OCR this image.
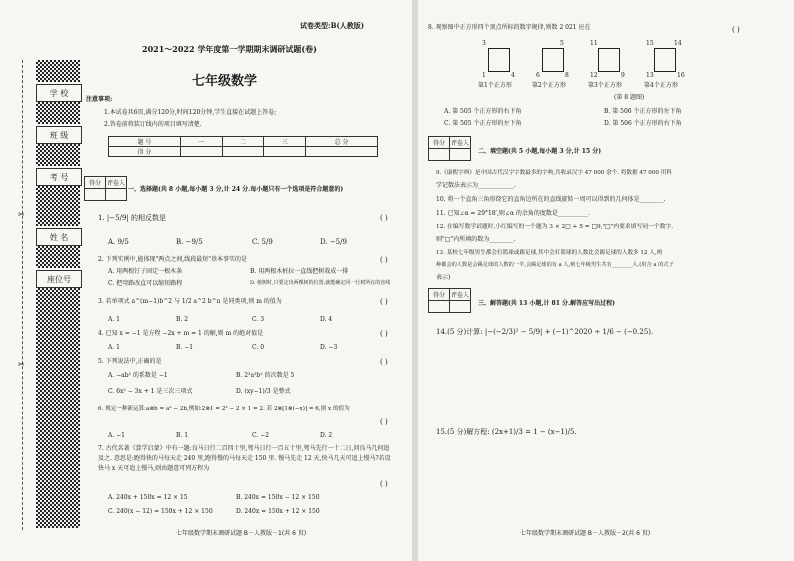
试卷类型:B(人教版)
2021～2022 学年度第一学期期末调研试题(卷)
七年级数学
注意事项:
1.本试卷共6页,满分120分,时间120分钟,学生直接在试题上答卷;
2.答卷前将装订线内的项目填写清楚.
题 号	一	二	三	总 分
得 分				
✂
✂
学 校
班 级
考 号
姓 名
座位号
得分	评卷人

一、选择题(共 8 小题,每小题 3 分,计 24 分.每小题只有一个选项是符合题意的)
1. |−5/9| 的相反数是	( )
A. 9/5	B. −9/5	C. 5/9	D. −5/9
2. 下列实例中,能体现"两点之间,线段最短"基本事实的是	( )
A. 用两根钉子固定一根木条	B. 用两根木桩拉一直线把树栽成一排
C. 把弯路改直可以缩短路程	D. 植树时,只要定出两棵树的位置,就能确定同一行树所在的直线
3. 若单项式 a^(m−1)b^2 与 1/2 a^2 b^n 是同类项,则 m 的值为	( )
A. 1	B. 2	C. 3	D. 4
4. 已知 x = −1 是方程 −2x + m = 1 的解,则 m 的绝对值是	( )
A. 1	B. −1	C. 0	D. −3
5. 下列说法中,正确的是	( )
A. −ab² 的系数是 −1	B. 2³a²b² 的次数是 5
C. 6x² − 3x + 1 是三次三项式	D. (xy−1)/3 是整式
6. 规定一种新运算:a⊗b = a² − 2b,例如:2⊗1 = 2² − 2 × 1 = 2. 若 2⊗[1⊗(−x)] = 6,则 x 的值为
( )
A. −1	B. 1	C. −2	D. 2
7. 古代名著《算学启蒙》中有一题:良马日行二百四十里,驽马日行一百五十里,驽马先行一十二日,问良马几何追及之. 意思是:跑得快的马每天走 240 里,跑得慢的马每天走 150 里. 慢马先走 12 天,快马几天可追上慢马?若设快马 x 天可追上慢马,则由题意可列方程为
( )
A. 240x + 150x = 12 × 15	B. 240x = 150x − 12 × 150
C. 240(x − 12) = 150x + 12 × 150	D. 240x = 150x + 12 × 150
七年级数学期末调研试题 B－人教版－1(共 6 页)
8. 观察图中正方形四个顶点所标的数字规律,则数 2 021 应在	( )
3
1	4
第1个正方形
5
6	8
第2个正方形
11
12	9
第3个正方形
15	14
13	16
第4个正方形
(第 8 题图)
A. 第 505 个正方形的右下角	B. 第 506 个正方形的左下角
C. 第 505 个正方形的左下角	D. 第 506 个正方形的右下角
得分	评卷人

二、填空题(共 5 小题,每小题 3 分,计 15 分)
9.《康熙字典》是中国古代汉字字数最多的字典,共收录汉字 47 000 余个. 将数据 47 000 用科
学记数法表示为____________.
10. 将一个直角三角形绕它的直角边所在的直线旋转一周可以得到的几何体是________.
11. 已知∠α = 29°18′,则∠α 的余角的度数是__________.
12. 在编写数学试题时,小红编写的一个题为 3 × 2□ + 5 = □9,"□"内要求填写同一个数字.
则"□"内所填的数为________.
13. 某校七年级男生都会打篮球或踢足球,其中会打篮球的人数比会踢足球的人数多 12 人,两
种都会的人数是会踢足球的人数的一半,会踢足球的有 a 人,则七年级男生共有________人.(用含 a 的式子
表示)
得分	评卷人

三、解答题(共 13 小题,计 81 分.解答应写出过程)
14.(5 分)计算: |−(−2/3)² − 5/9| + (−1)^2020 ÷ 1/6 − (−0.25).
15.(5 分)解方程: (2x+1)/3 = 1 − (x−1)/5.
七年级数学期末调研试题 B－人教版－2(共 6 页)
